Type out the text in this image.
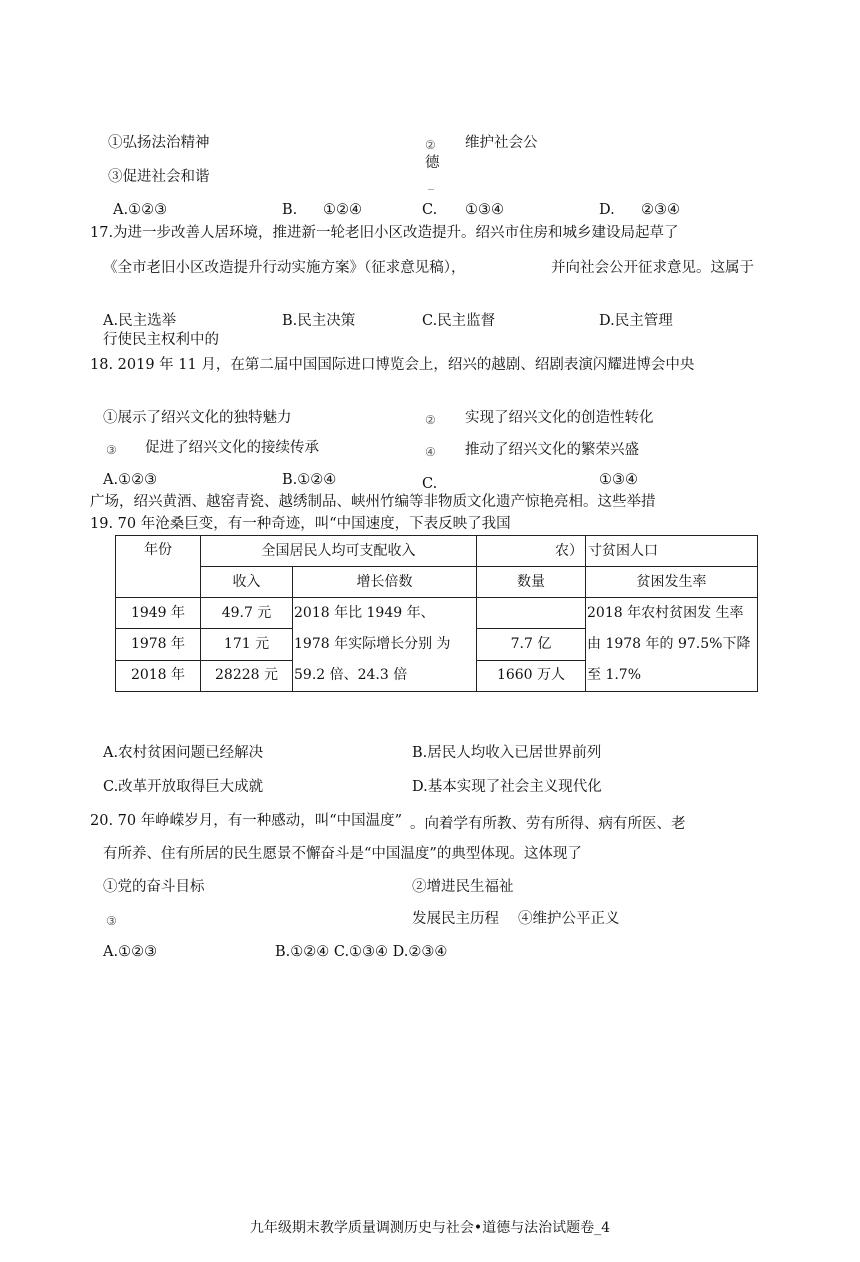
①弘扬法治精神	② 维护社会公
德
_
③促进社会和谐
A.①②③	B. ①②④	C. ①③④	D. ②③④
17.为进一步改善人居环境，推进新一轮老旧小区改造提升。绍兴市住房和城乡建设局起草了
《全市老旧小区改造提升行动实施方案》（征求意见稿），	并向社会公开征求意见。这属于
A.民主选举	B.民主决策	C.民主监督	D.民主管理
行使民主权利中的
18. 2019 年 11 月，在第二届中国国际进口博览会上，绍兴的越剧、绍剧表演闪耀进博会中央
①展示了绍兴文化的独特魅力	② 实现了绍兴文化的创造性转化
③ 促进了绍兴文化的接续传承	④ 推动了绍兴文化的繁荣兴盛
A.①②③	B.①②④	C.	①③④
广场，绍兴黄酒、越窑青瓷、越绣制品、峡州竹编等非物质文化遗产惊艳亮相。这些举措
19. 70 年沧桑巨变，有一种奇迹，叫“中国速度，下表反映了我国
年份	全国居民人均可支配收入		农）	寸贫困人口
	收入	增长倍数	数量	贫困发生率
1949 年	49.7 元	2018 年比 1949 年、 1978 年实际增长分别 为 59.2 倍、24.3 倍		2018 年农村贫困发 生率由 1978 年的 97.5%下降至 1.7%
1978 年	171 元		7.7 亿	
2018 年	28228 元		1660 万人	
A.农村贫困问题已经解决	B.居民人均收入已居世界前列
C.改革开放取得巨大成就	D.基本实现了社会主义现代化
20. 70 年峥嵘岁月，有一种感动，叫“中国温度” 。向着学有所教、劳有所得、病有所医、老
有所养、住有所居的民生愿景不懈奋斗是“中国温度”的典型体现。这体现了
①党的奋斗目标	②增进民生福祉
③	发展民主历程 ④维护公平正义
A.①②③	B.①②④ C.①③④ D.②③④
九年级期末教学质量调测历史与社会•道德与法治试题卷_4
